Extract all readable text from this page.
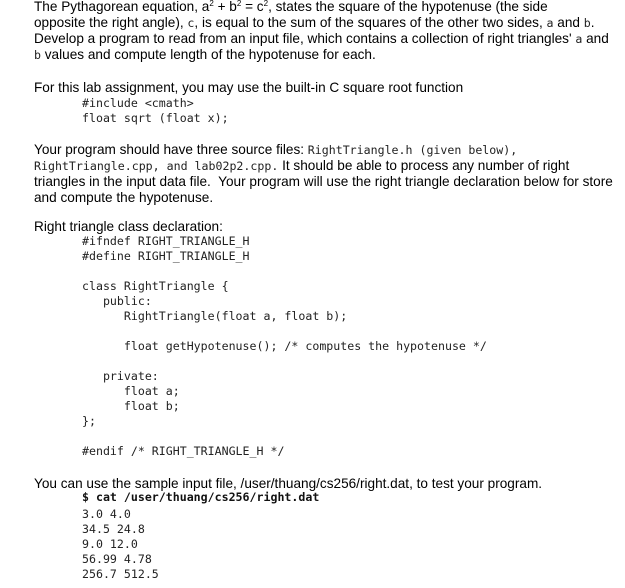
The Pythagorean equation, $a^2 + b^2 = c^2$, states the square of the hypotenuse (the side
opposite the right angle), c, is equal to the sum of the squares of the other two sides, a and b.
Develop a program to read from an input file, which contains a collection of right triangles' a and
b values and compute length of the hypotenuse for each.
For this lab assignment, you may use the built-in C square root function
#include <cmath>
float sqrt (float x);
Your program should have three source files: RightTriangle.h (given below),
RightTriangle.cpp, and lab02p2.cpp. It should be able to process any number of right
triangles in the input data file.  Your program will use the right triangle declaration below for store
and compute the hypotenuse.
Right triangle class declaration:
#ifndef RIGHT_TRIANGLE_H
#define RIGHT_TRIANGLE_H
class RightTriangle {
public:
RightTriangle(float a, float b);
float getHypotenuse(); /* computes the hypotenuse */
private:
float a;
float b;
};
#endif /* RIGHT_TRIANGLE_H */
You can use the sample input file, /user/thuang/cs256/right.dat, to test your program.
$ cat /user/thuang/cs256/right.dat
3.0 4.0
34.5 24.8
9.0 12.0
56.99 4.78
256.7 512.5
